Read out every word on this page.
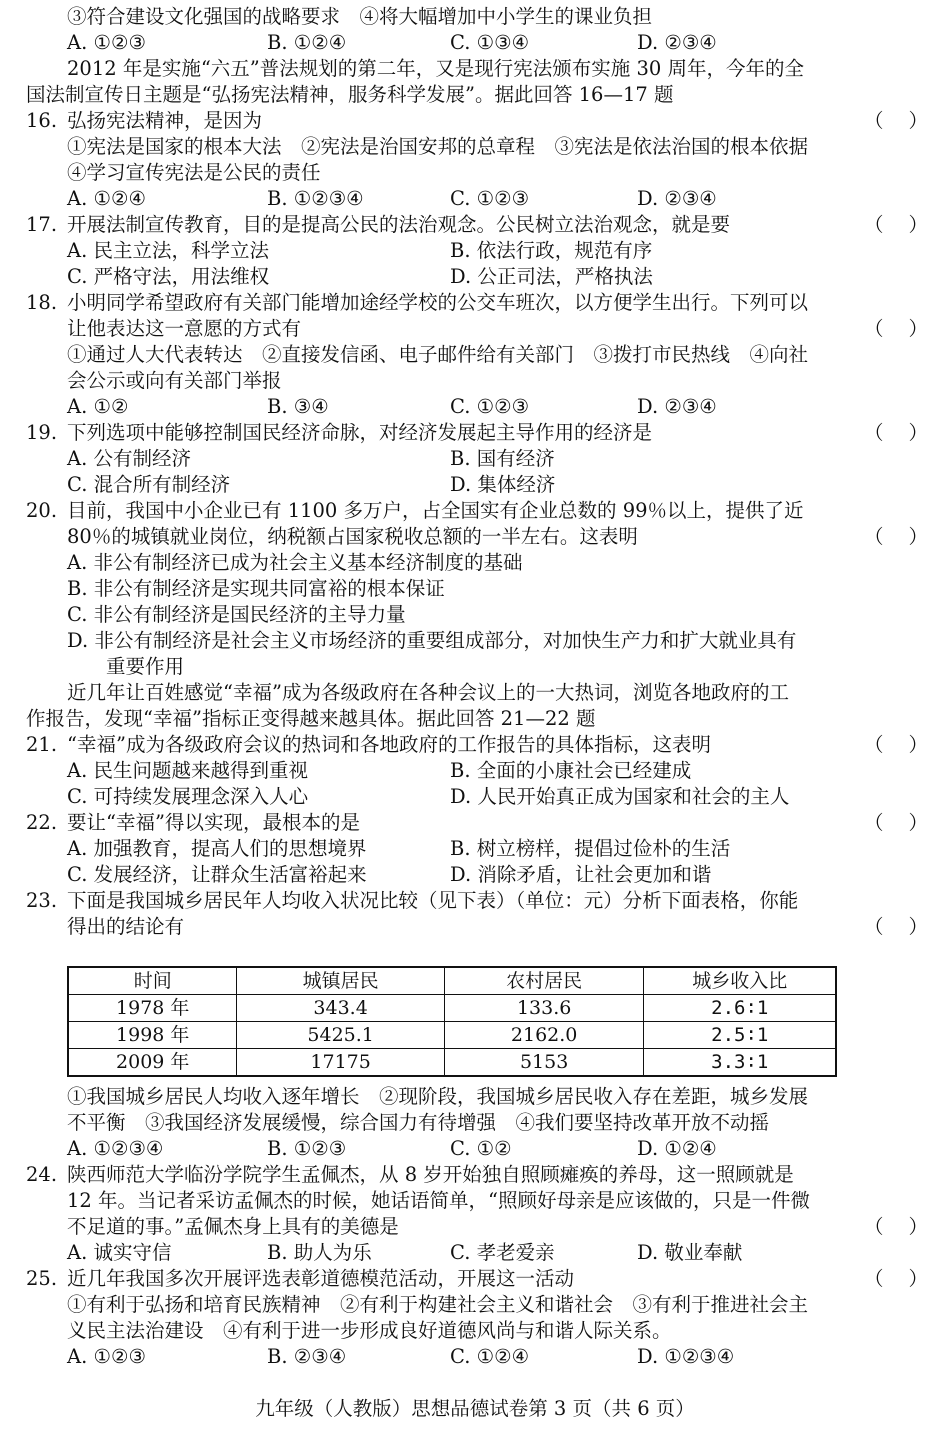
③符合建设文化强国的战略要求　④将大幅增加中小学生的课业负担
A. ①②③	B. ①②④	C. ①③④	D. ②③④
2012 年是实施“六五”普法规划的第二年，又是现行宪法颁布实施 30 周年，今年的全
国法制宣传日主题是“弘扬宪法精神，服务科学发展”。据此回答 16—17 题
16. 弘扬宪法精神，是因为	（ ）
①宪法是国家的根本大法　②宪法是治国安邦的总章程　③宪法是依法治国的根本依据
④学习宣传宪法是公民的责任
A. ①②④	B. ①②③④	C. ①②③	D. ②③④
17. 开展法制宣传教育，目的是提高公民的法治观念。公民树立法治观念，就是要	（ ）
A. 民主立法，科学立法	B. 依法行政，规范有序
C. 严格守法，用法维权	D. 公正司法，严格执法
18. 小明同学希望政府有关部门能增加途经学校的公交车班次，以方便学生出行。下列可以
让他表达这一意愿的方式有	（ ）
①通过人大代表转达　②直接发信函、电子邮件给有关部门　③拨打市民热线　④向社
会公示或向有关部门举报
A. ①②	B. ③④	C. ①②③	D. ②③④
19. 下列选项中能够控制国民经济命脉，对经济发展起主导作用的经济是	（ ）
A. 公有制经济	B. 国有经济
C. 混合所有制经济	D. 集体经济
20. 目前，我国中小企业已有 1100 多万户，占全国实有企业总数的 99％以上，提供了近
80％的城镇就业岗位，纳税额占国家税收总额的一半左右。这表明	（ ）
A. 非公有制经济已成为社会主义基本经济制度的基础
B. 非公有制经济是实现共同富裕的根本保证
C. 非公有制经济是国民经济的主导力量
D. 非公有制经济是社会主义市场经济的重要组成部分，对加快生产力和扩大就业具有
重要作用
近几年让百姓感觉“幸福”成为各级政府在各种会议上的一大热词，浏览各地政府的工
作报告，发现“幸福”指标正变得越来越具体。据此回答 21—22 题
21. “幸福”成为各级政府会议的热词和各地政府的工作报告的具体指标，这表明	（ ）
A. 民生问题越来越得到重视	B. 全面的小康社会已经建成
C. 可持续发展理念深入人心	D. 人民开始真正成为国家和社会的主人
22. 要让“幸福”得以实现，最根本的是	（ ）
A. 加强教育，提高人们的思想境界	B. 树立榜样，提倡过俭朴的生活
C. 发展经济，让群众生活富裕起来	D. 消除矛盾，让社会更加和谐
23. 下面是我国城乡居民年人均收入状况比较（见下表）（单位：元）分析下面表格，你能
得出的结论有	（ ）
时间	城镇居民	农村居民	城乡收入比
1978 年	343.4	133.6	2.6∶1
1998 年	5425.1	2162.0	2.5∶1
2009 年	17175	5153	3.3∶1
①我国城乡居民人均收入逐年增长　②现阶段，我国城乡居民收入存在差距，城乡发展
不平衡　③我国经济发展缓慢，综合国力有待增强　④我们要坚持改革开放不动摇
A. ①②③④	B. ①②③	C. ①②	D. ①②④
24. 陕西师范大学临汾学院学生孟佩杰，从 8 岁开始独自照顾瘫痪的养母，这一照顾就是
12 年。当记者采访孟佩杰的时候，她话语简单，“照顾好母亲是应该做的，只是一件微
不足道的事。”孟佩杰身上具有的美德是	（ ）
A. 诚实守信	B. 助人为乐	C. 孝老爱亲	D. 敬业奉献
25. 近几年我国多次开展评选表彰道德模范活动，开展这一活动	（ ）
①有利于弘扬和培育民族精神　②有利于构建社会主义和谐社会　③有利于推进社会主
义民主法治建设　④有利于进一步形成良好道德风尚与和谐人际关系。
A. ①②③	B. ②③④	C. ①②④	D. ①②③④
九年级（人教版）思想品德试卷第 3 页（共 6 页）
